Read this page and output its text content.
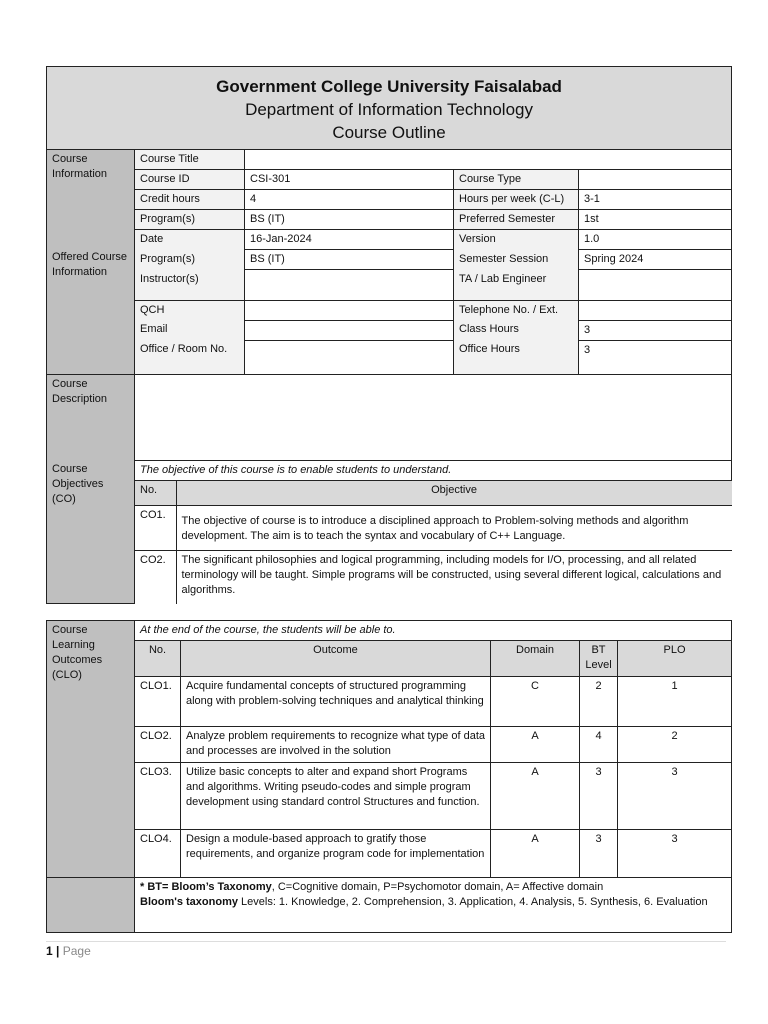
Government College University Faisalabad
Department of Information Technology
Course Outline

Course Information	Course Title	
Course ID	CSI-301	Course Type	
Credit hours	4	Hours per week (C-L)	3-1
Program(s)	BS (IT)	Preferred Semester	1st
Offered Course Information	Date	16-Jan-2024	Version	1.0
Program(s)	BS (IT)	Semester Session	Spring 2024
Instructor(s)		TA / Lab Engineer	
QCH		Telephone No. / Ext.	
Email		Class Hours	3
Office / Room No.		Office Hours	3
Course Description	
Course Objectives (CO)	The objective of this course is to enable students to understand.

No.	Objective
CO1.	The objective of course is to introduce a disciplined approach to Problem-solving methods and algorithm development. The aim is to teach the syntax and vocabulary of C++ Language.
CO2.	The significant philosophies and logical programming, including models for I/O, processing, and all related terminology will be taught. Simple programs will be constructed, using several different logical, calculations and algorithms.
Course Learning Outcomes (CLO)	At the end of the course, the students will be able to.				
	No.	Outcome	Domain	BT Level	PLO
	CLO1.	Acquire fundamental concepts of structured programming along with problem-solving techniques and analytical thinking	C	2	1
	CLO2.	Analyze problem requirements to recognize what type of data and processes are involved in the solution	A	4	2
	CLO3.	Utilize basic concepts to alter and expand short Programs and algorithms. Writing pseudo-codes and simple program development using standard control Structures and function.	A	3	3
	CLO4.	Design a module-based approach to gratify those requirements, and organize program code for implementation	A	3	3

	* BT= Bloom’s Taxonomy, C=Cognitive domain, P=Psychomotor domain, A= Affective domain
Bloom's taxonomy Levels: 1. Knowledge, 2. Comprehension, 3. Application, 4. Analysis, 5. Synthesis, 6. Evaluation				
1 | Page
